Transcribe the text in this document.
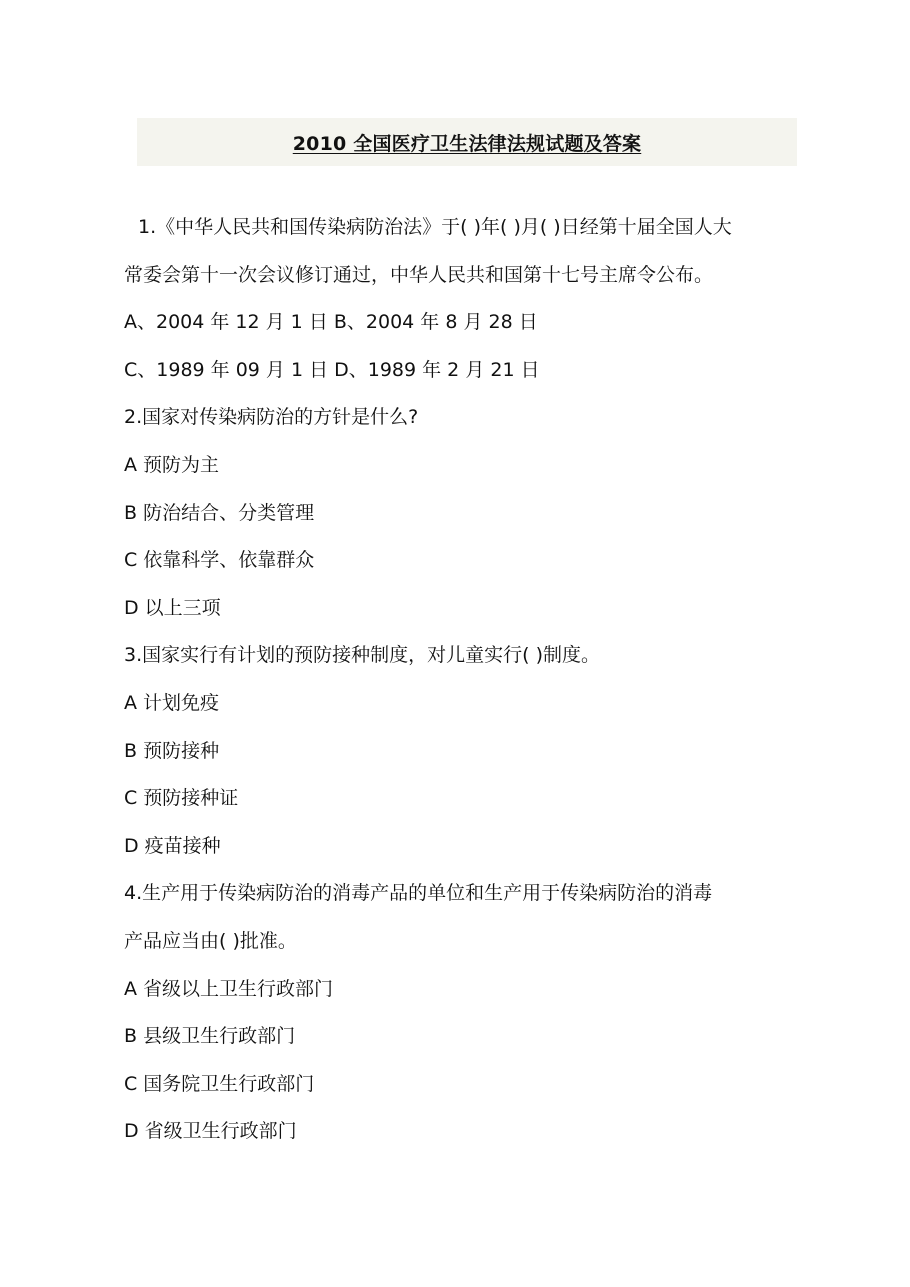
2010 全国医疗卫生法律法规试题及答案
1.《中华人民共和国传染病防治法》于( )年( )月( )日经第十届全国人大
常委会第十一次会议修订通过，中华人民共和国第十七号主席令公布。
A、2004 年 12 月 1 日 B、2004 年 8 月 28 日
C、1989 年 09 月 1 日 D、1989 年 2 月 21 日
2.国家对传染病防治的方针是什么?
A 预防为主
B 防治结合、分类管理
C 依靠科学、依靠群众
D 以上三项
3.国家实行有计划的预防接种制度，对儿童实行( )制度。
A 计划免疫
B 预防接种
C 预防接种证
D 疫苗接种
4.生产用于传染病防治的消毒产品的单位和生产用于传染病防治的消毒
产品应当由( )批准。
A 省级以上卫生行政部门
B 县级卫生行政部门
C 国务院卫生行政部门
D 省级卫生行政部门
